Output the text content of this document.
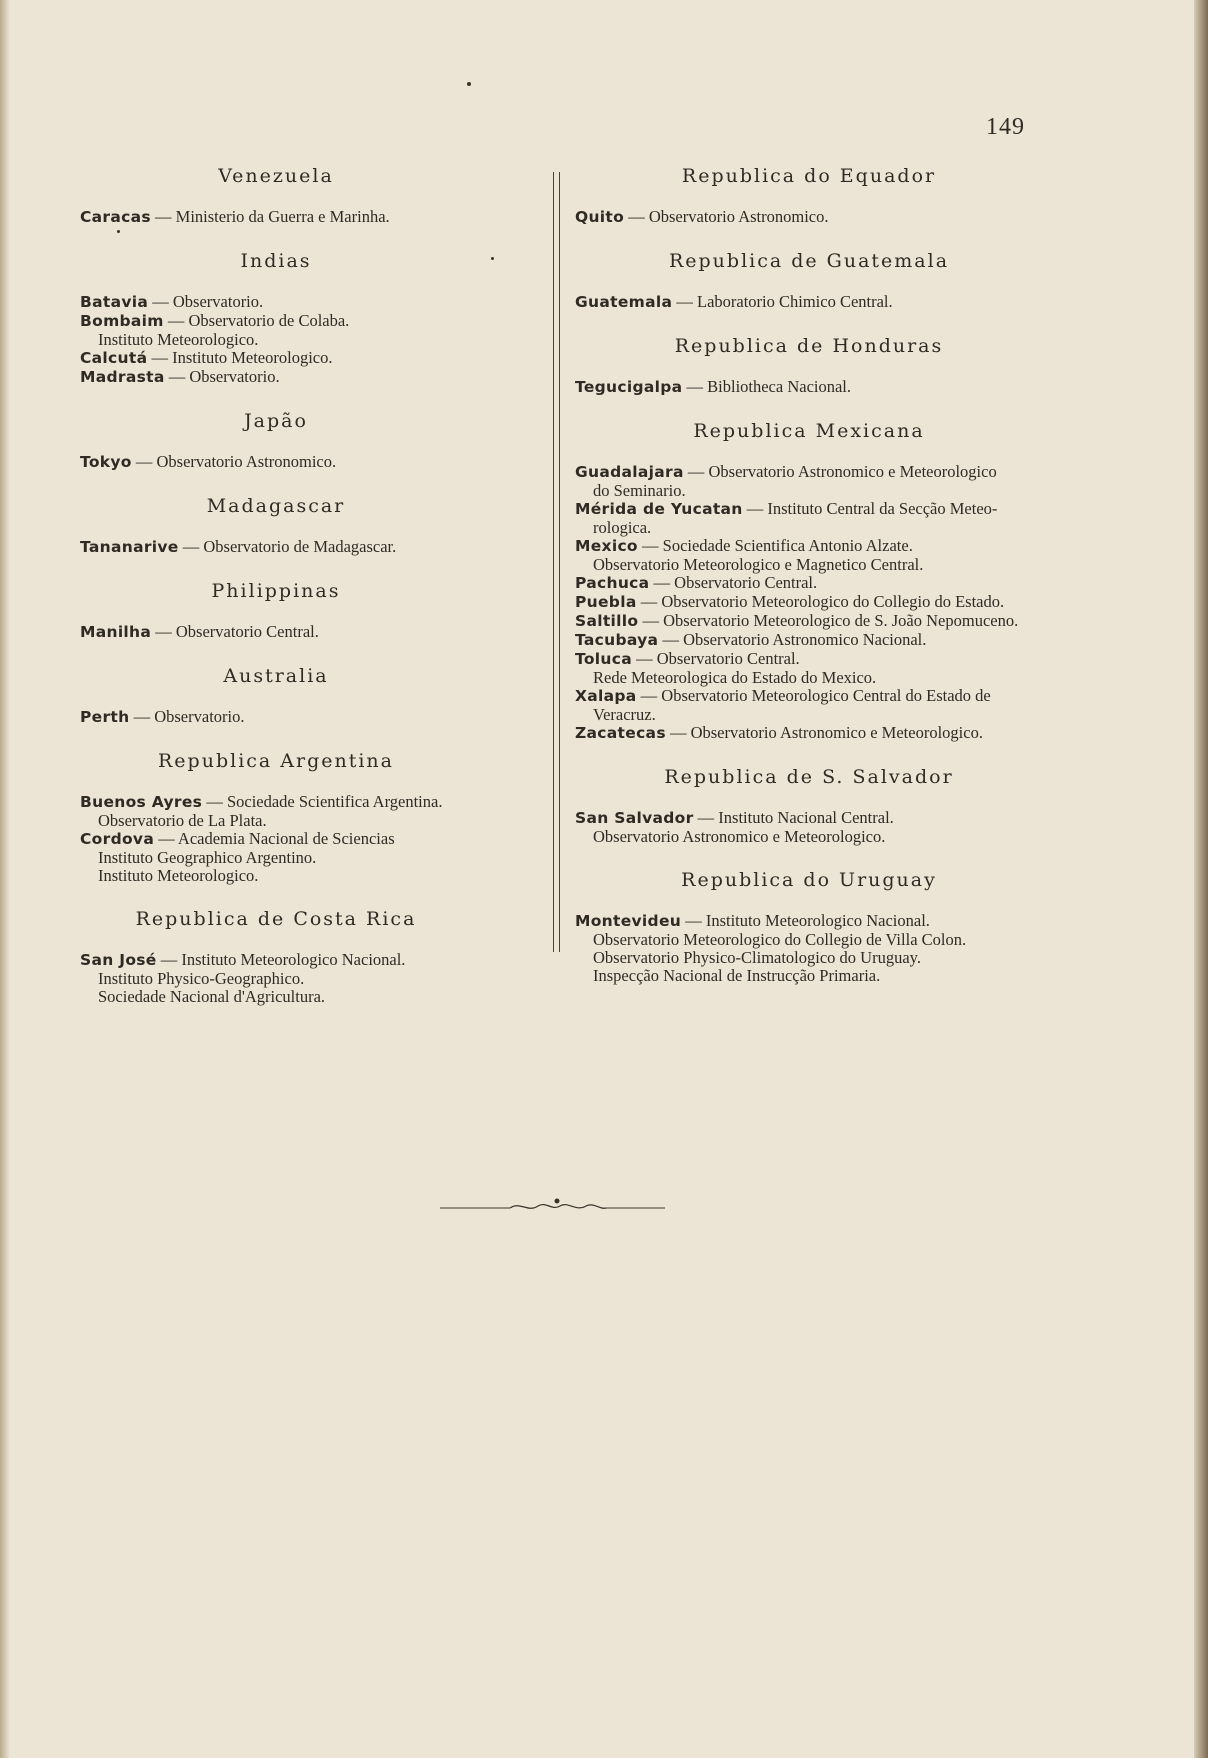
149
Venezuela
Caracas — Ministerio da Guerra e Marinha.
Indias
Batavia — Observatorio.
Bombaim — Observatorio de Colaba.
Instituto Meteorologico.
Calcutá — Instituto Meteorologico.
Madrasta — Observatorio.
Japão
Tokyo — Observatorio Astronomico.
Madagascar
Tananarive — Observatorio de Madagascar.
Philippinas
Manilha — Observatorio Central.
Australia
Perth — Observatorio.
Republica Argentina
Buenos Ayres — Sociedade Scientifica Argentina.
Observatorio de La Plata.
Cordova — Academia Nacional de Sciencias
Instituto Geographico Argentino.
Instituto Meteorologico.
Republica de Costa Rica
San José — Instituto Meteorologico Nacional.
Instituto Physico-Geographico.
Sociedade Nacional d'Agricultura.
Republica do Equador
Quito — Observatorio Astronomico.
Republica de Guatemala
Guatemala — Laboratorio Chimico Central.
Republica de Honduras
Tegucigalpa — Bibliotheca Nacional.
Republica Mexicana
Guadalajara — Observatorio Astronomico e Meteorologico
do Seminario.
Mérida de Yucatan — Instituto Central da Secção Meteo-
rologica.
Mexico — Sociedade Scientifica Antonio Alzate.
Observatorio Meteorologico e Magnetico Central.
Pachuca — Observatorio Central.
Puebla — Observatorio Meteorologico do Collegio do Estado.
Saltillo — Observatorio Meteorologico de S. João Nepomuceno.
Tacubaya — Observatorio Astronomico Nacional.
Toluca — Observatorio Central.
Rede Meteorologica do Estado do Mexico.
Xalapa — Observatorio Meteorologico Central do Estado de
Veracruz.
Zacatecas — Observatorio Astronomico e Meteorologico.
Republica de S. Salvador
San Salvador — Instituto Nacional Central.
Observatorio Astronomico e Meteorologico.
Republica do Uruguay
Montevideu — Instituto Meteorologico Nacional.
Observatorio Meteorologico do Collegio de Villa Colon.
Observatorio Physico-Climatologico do Uruguay.
Inspecção Nacional de Instrucção Primaria.
